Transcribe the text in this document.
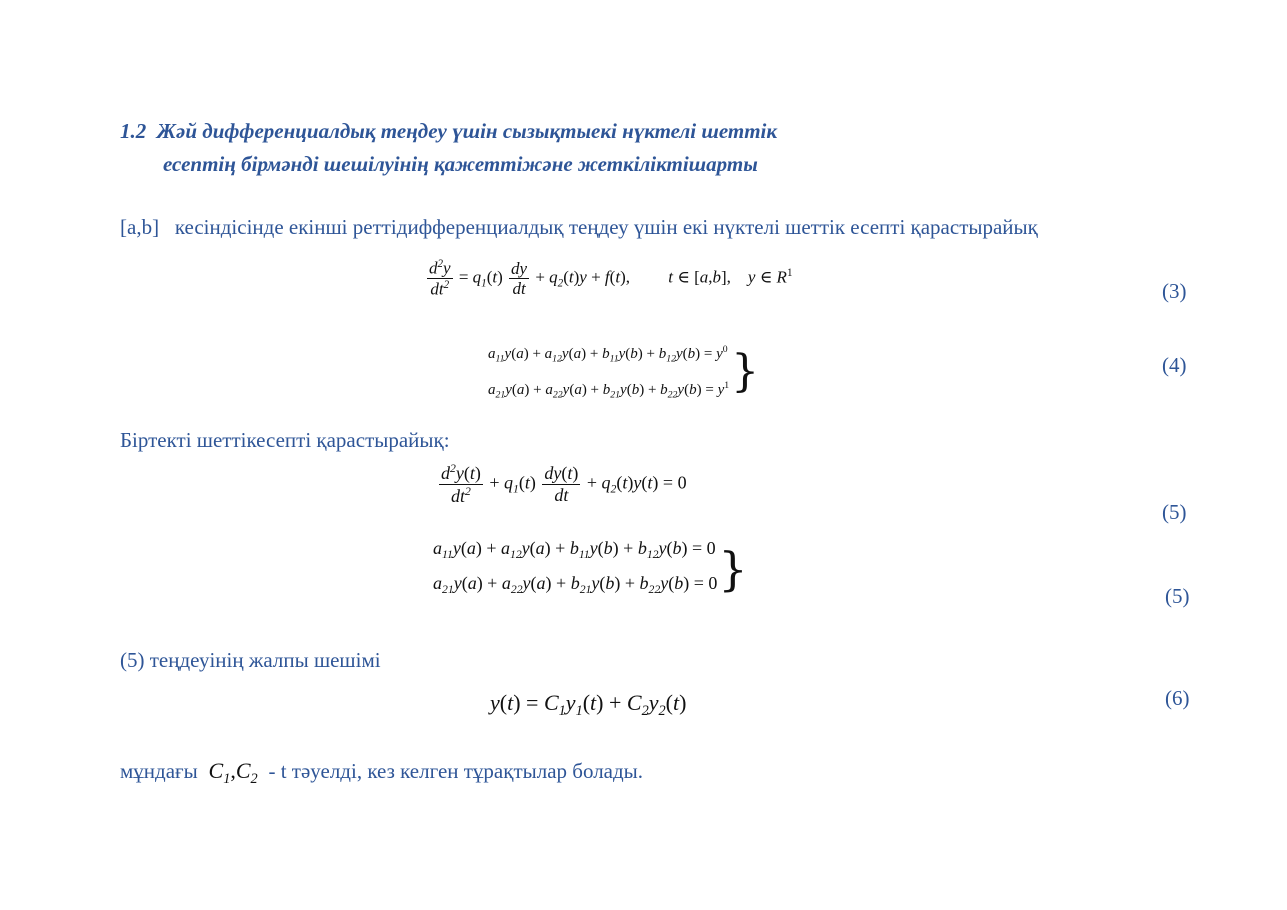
1.2 Жәй дифференциалдық теңдеу үшін сызықтыекі нүктелі шеттік
есептің бірмәнді шешілуінің қажеттіжәне жеткіліктішарты
[a,b] кесіндісінде екінші реттідифференциалдық теңдеу үшін екі нүктелі шеттік есепті қарастырайық
$\frac{d^2y}{dt^2} = q_1(t) \frac{dy}{dt} + q_2(t)y + f(t)$,         t ∈ [a,b],    y ∈ $R^1$
(3)
$a_{11}y(a) + a_{12}y(a) + b_{11}y(b) + b_{12}y(b) = y^0$
$a_{21}y(a) + a_{22}y(a) + b_{21}y(b) + b_{22}y(b) = y^1$ }	(4)
Біртекті шеттікесепті қарастырайық:
$\frac{d^2y(t)}{dt^2} + q_1(t) \frac{dy(t)}{dt} + q_2(t)y(t) = 0$
(5)
$a_{11}y(a) + a_{12}y(a) + b_{11}y(b) + b_{12}y(b) = 0$
$a_{21}y(a) + a_{22}y(a) + b_{21}y(b) + b_{22}y(b) = 0$ }	(5)
(5) теңдеуінің жалпы шешімі
$y(t) = C_1y_1(t) + C_2y_2(t)$	(6)
мұндағы  $C_1,C_2$ - t тәуелді, кез келген тұрақтылар болады.
